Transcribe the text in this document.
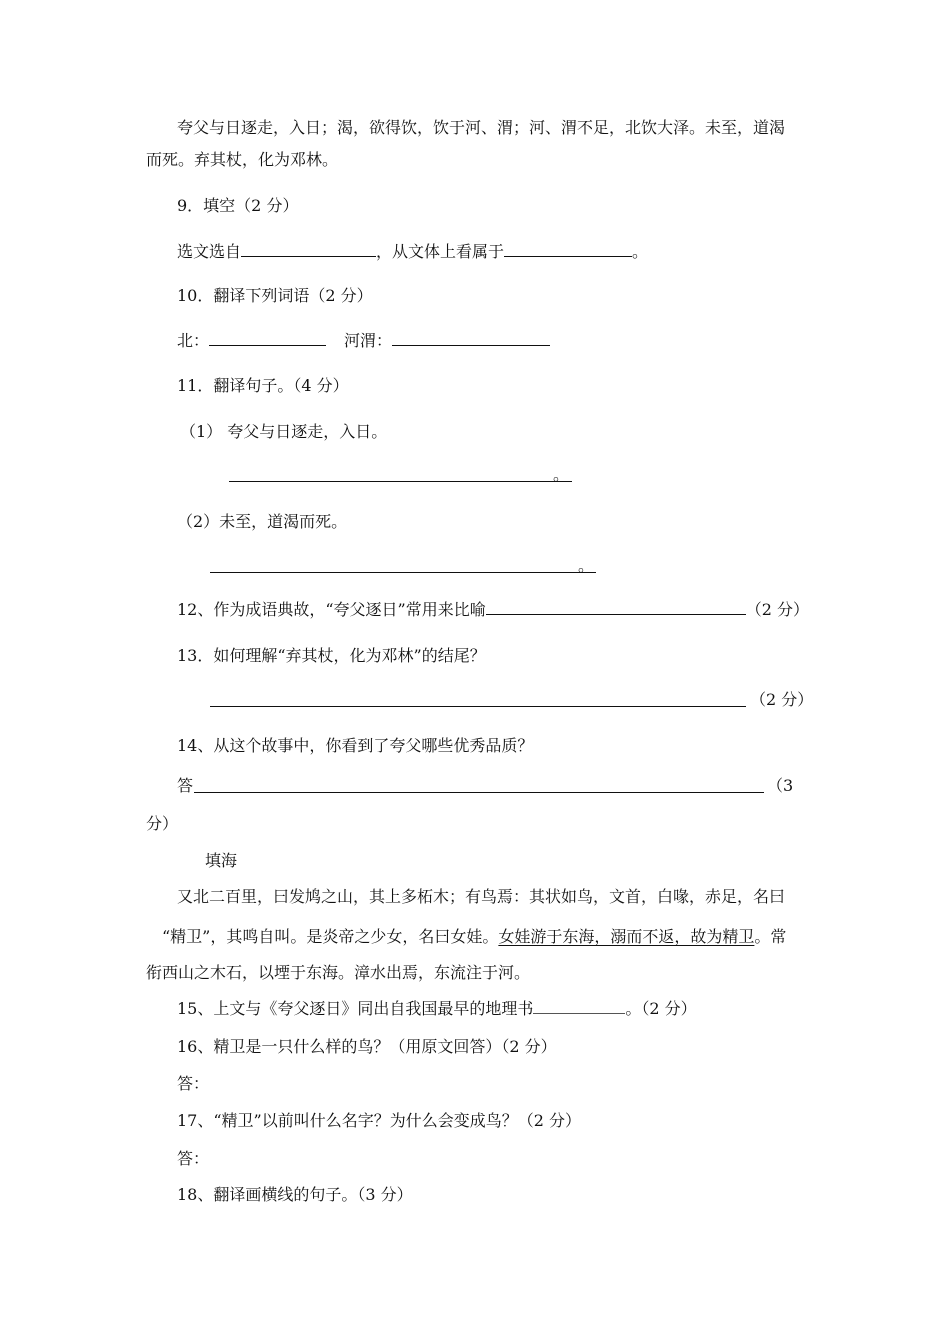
夸父与日逐走，入日；渴，欲得饮，饮于河、渭；河、渭不足，北饮大泽。未至，道渴
而死。弃其杖，化为邓林。
9．填空（2 分）
选文选自	，从文体上看属于	。
10．翻译下列词语（2 分）
北：	河渭：
11．翻译句子。（4 分）
（1） 夸父与日逐走，入日。
。
（2）未至，道渴而死。
。
12、作为成语典故，“夸父逐日”常用来比喻	（2 分）
13．如何理解“弃其杖，化为邓林”的结尾？
（2 分）
14、从这个故事中，你看到了夸父哪些优秀品质？
答	（3
分）
填海
又北二百里，曰发鸠之山，其上多柘木；有鸟焉：其状如鸟，文首，白喙，赤足，名曰
“精卫”，其鸣自叫。是炎帝之少女，名曰女娃。女娃游于东海，溺而不返，故为精卫。常
衔西山之木石，以堙于东海。漳水出焉，东流注于河。
15、上文与《夸父逐日》同出自我国最早的地理书	。（2 分）
16、精卫是一只什么样的鸟？（用原文回答）（2 分）
答：
17、“精卫”以前叫什么名字？为什么会变成鸟？（2 分）
答：
18、翻译画横线的句子。（3 分）
